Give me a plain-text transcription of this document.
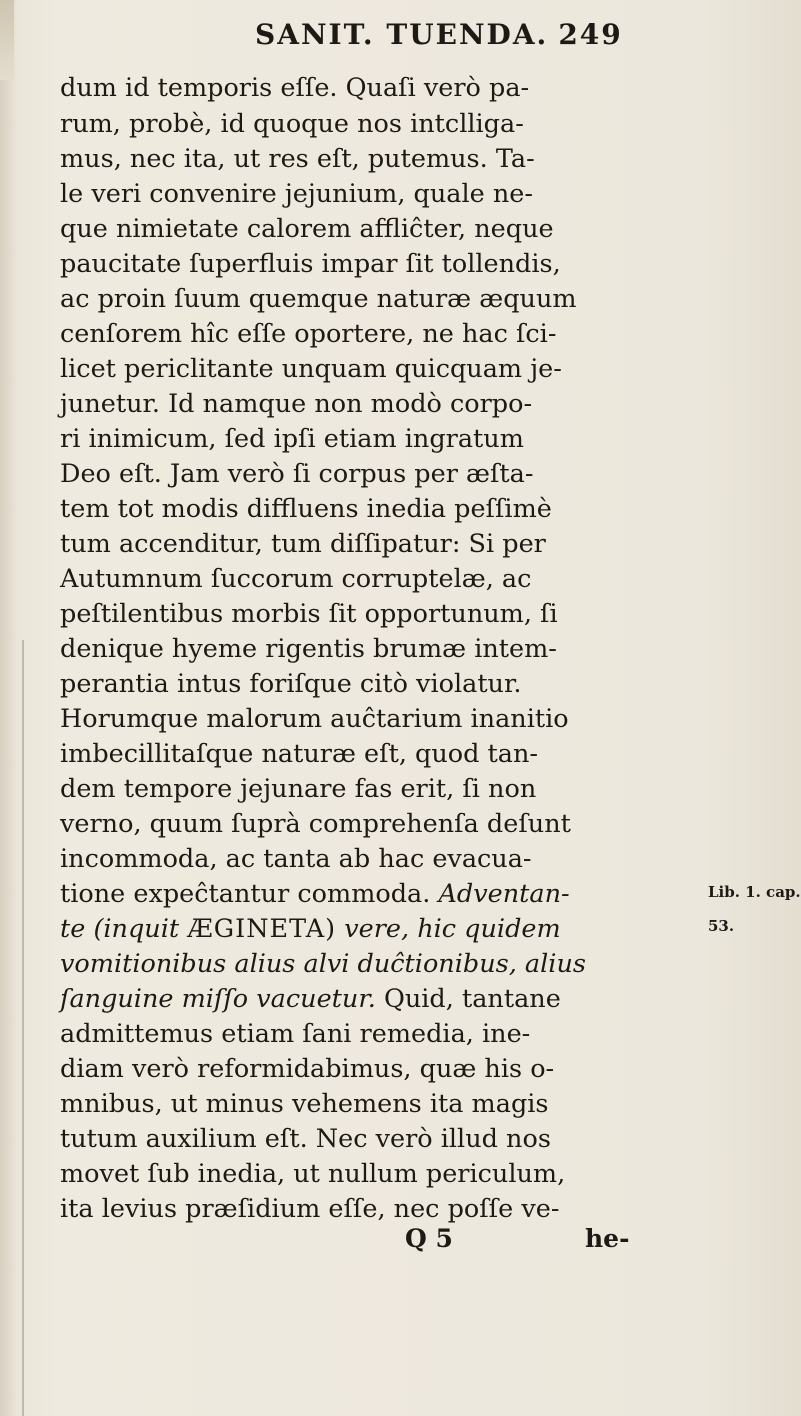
SANIT. TUENDA. 249
dum id temporis eſſe. Quaſi verò pa-
rum, probè, id quoque nos intclliga-
mus, nec ita, ut res eſt, putemus. Ta-
le veri convenire jejunium, quale ne-
que nimietate calorem affliĉter, neque
paucitate ſuperfluis impar ſit tollendis,
ac proin ſuum quemque naturæ æquum
cenſorem hîc eſſe oportere, ne hac ſci-
licet periclitante unquam quicquam je-
junetur. Id namque non modò corpo-
ri inimicum, ſed ipſi etiam ingratum
Deo eſt. Jam verò ſi corpus per æſta-
tem tot modis diffluens inedia peſſimè
tum accenditur, tum diſſipatur: Si per
Autumnum ſuccorum corruptelæ, ac
peſtilentibus morbis ſit opportunum, ſi
denique hyeme rigentis brumæ intem-
perantia intus foriſque citò violatur.
Horumque malorum auĉtarium inanitio
imbecillitaſque naturæ eſt, quod tan-
dem tempore jejunare fas erit, ſi non
verno, quum ſuprà comprehenſa deſunt
incommoda, ac tanta ab hac evacua-
tione expeĉtantur commoda. Adventan-
te (inquit ÆGINETA) vere, hic quidem
vomitionibus alius alvi duĉtionibus, alius
ſanguine miſſo vacuetur. Quid, tantane
admittemus etiam ſani remedia, ine-
diam verò reformidabimus, quæ his o-
mnibus, ut minus vehemens ita magis
tutum auxilium eſt. Nec verò illud nos
movet ſub inedia, ut nullum periculum,
ita levius præſidium eſſe, nec poſſe ve-
Lib. 1. cap.
53.
Q 5	he-
